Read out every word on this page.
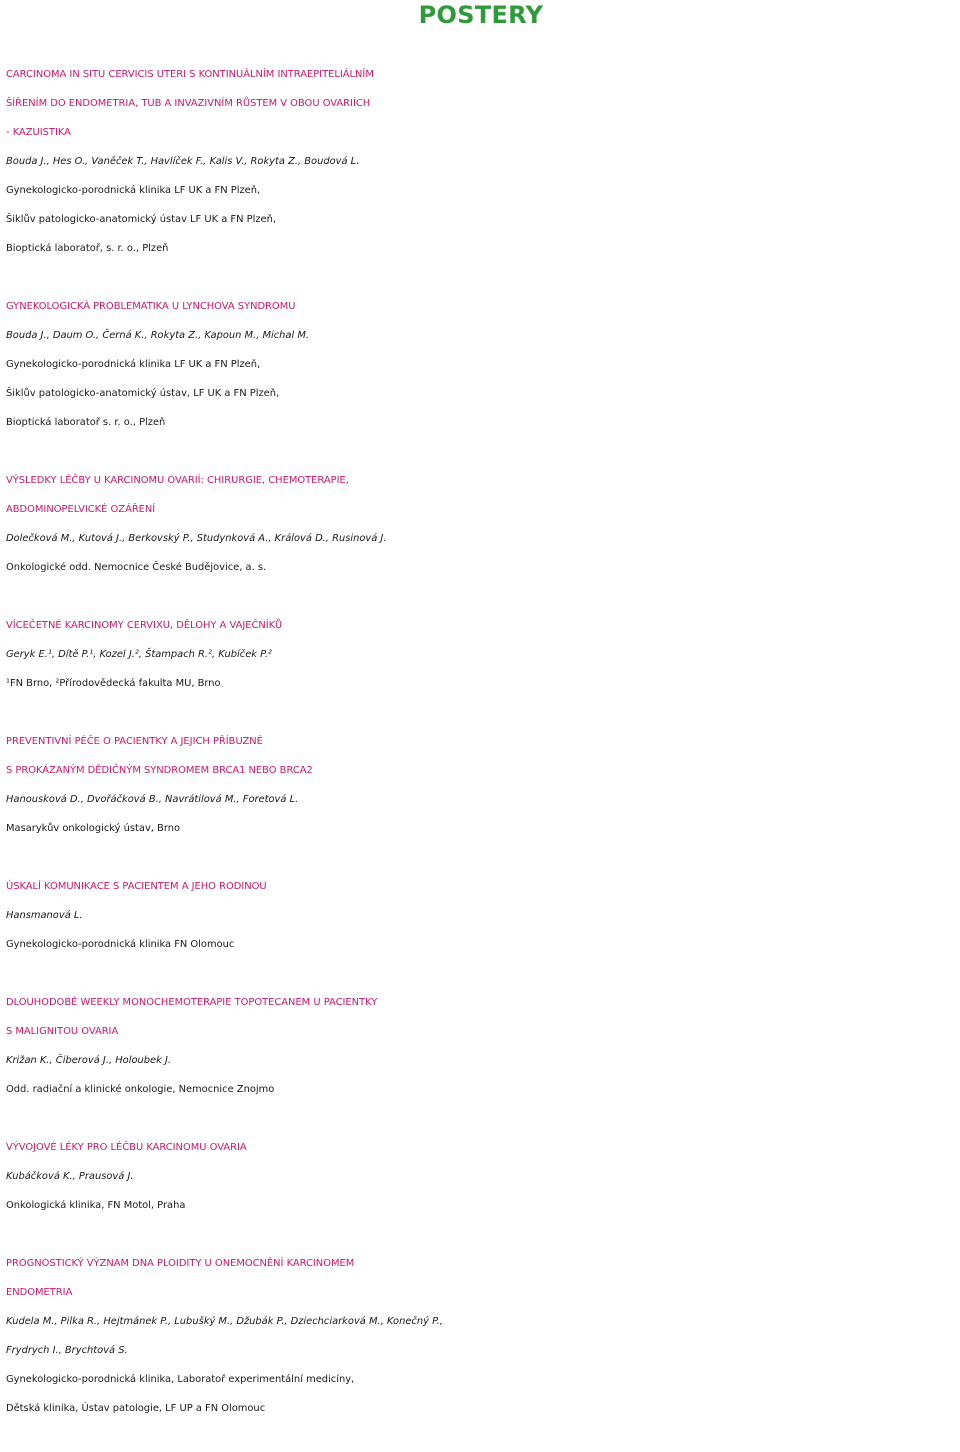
POSTERY
CARCINOMA IN SITU CERVICIS UTERI S KONTINUÁLNÍM INTRAEPITELIÁLNÍM
ŠÍŘENÍM DO ENDOMETRIA, TUB A INVAZIVNÍM RŮSTEM V OBOU OVARIÍCH
- KAZUISTIKA
Bouda J., Hes O., Vaněček T., Havlíček F., Kalis V., Rokyta Z., Boudová L.
Gynekologicko-porodnická klinika LF UK a FN Plzeň,
Šiklův patologicko-anatomický ústav LF UK a FN Plzeň,
Bioptická laboratoř, s. r. o., Plzeň
GYNEKOLOGICKÁ PROBLEMATIKA U LYNCHOVA SYNDROMU
Bouda J., Daum O., Černá K., Rokyta Z., Kapoun M., Michal M.
Gynekologicko-porodnická klinika LF UK a FN Plzeň,
Šiklův patologicko-anatomický ústav, LF UK a FN Plzeň,
Bioptická laboratoř s. r. o., Plzeň
VÝSLEDKY LÉČBY U KARCINOMU OVARIÍ: CHIRURGIE, CHEMOTERAPIE,
ABDOMINOPELVICKÉ OZÁŘENÍ
Dolečková M., Kutová J., Berkovský P., Studynková A., Králová D., Rusinová J.
Onkologické odd. Nemocnice České Budějovice, a. s.
VÍCEČETNÉ KARCINOMY CERVIXU, DĚLOHY A VAJEČNÍKŮ
Geryk E.¹, Dítě P.¹, Kozel J.², Štampach R.², Kubíček P.²
¹FN Brno, ²Přírodovědecká fakulta MU, Brno
PREVENTIVNÍ PÉČE O PACIENTKY A JEJICH PŘÍBUZNÉ
S PROKÁZANÝM DĚDIČNÝM SYNDROMEM BRCA1 NEBO BRCA2
Hanousková D., Dvořáčková B., Navrátilová M., Foretová L.
Masarykův onkologický ústav, Brno
ÚSKALÍ KOMUNIKACE S PACIENTEM A JEHO RODINOU
Hansmanová L.
Gynekologicko-porodnická klinika FN Olomouc
DLOUHODOBÉ WEEKLY MONOCHEMOTERAPIE TOPOTECANEM U PACIENTKY
S MALIGNITOU OVARIA
Križan K., Čiberová J., Holoubek J.
Odd. radiační a klinické onkologie, Nemocnice Znojmo
VÝVOJOVÉ LÉKY PRO LÉČBU KARCINOMU OVARIA
Kubáčková K., Prausová J.
Onkologická klinika, FN Motol, Praha
PROGNOSTICKÝ VÝZNAM DNA PLOIDITY U ONEMOCNĚNÍ KARCINOMEM
ENDOMETRIA
Kudela M., Pilka R., Hejtmánek P., Lubušký M., Džubák P., Dziechciarková M., Konečný P.,
Frydrych I., Brychtová S.
Gynekologicko-porodnická klinika, Laboratoř experimentální medicíny,
Dětská klinika, Ústav patologie, LF UP a FN Olomouc
